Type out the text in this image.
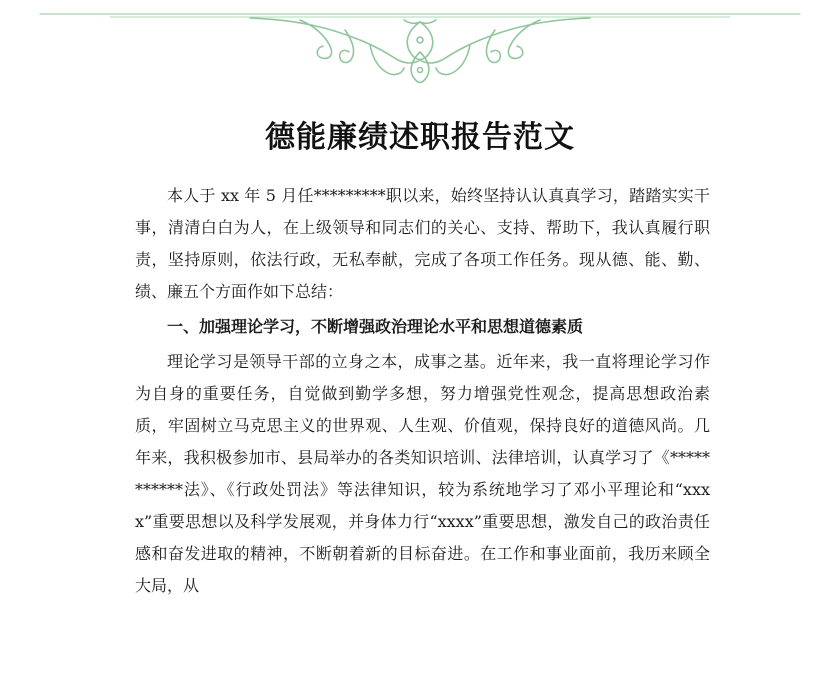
德能廉绩述职报告范文

本人于 xx 年 5 月任*********职以来，始终坚持认认真真学习，踏踏实实干事，清清白白为人，在上级领导和同志们的关心、支持、帮助下，我认真履行职责，坚持原则，依法行政，无私奉献，完成了各项工作任务。现从德、能、勤、绩、廉五个方面作如下总结：

一、加强理论学习，不断增强政治理论水平和思想道德素质

理论学习是领导干部的立身之本，成事之基。近年来，我一直将理论学习作为自身的重要任务，自觉做到勤学多想，努力增强党性观念，提高思想政治素质，牢固树立马克思主义的世界观、人生观、价值观，保持良好的道德风尚。几年来，我积极参加市、县局举办的各类知识培训、法律培训，认真学习了《***********法》、《行政处罚法》等法律知识，较为系统地学习了邓小平理论和“xxxx”重要思想以及科学发展观，并身体力行“xxxx”重要思想，激发自己的政治责任感和奋发进取的精神，不断朝着新的目标奋进。在工作和事业面前，我历来顾全大局，从
